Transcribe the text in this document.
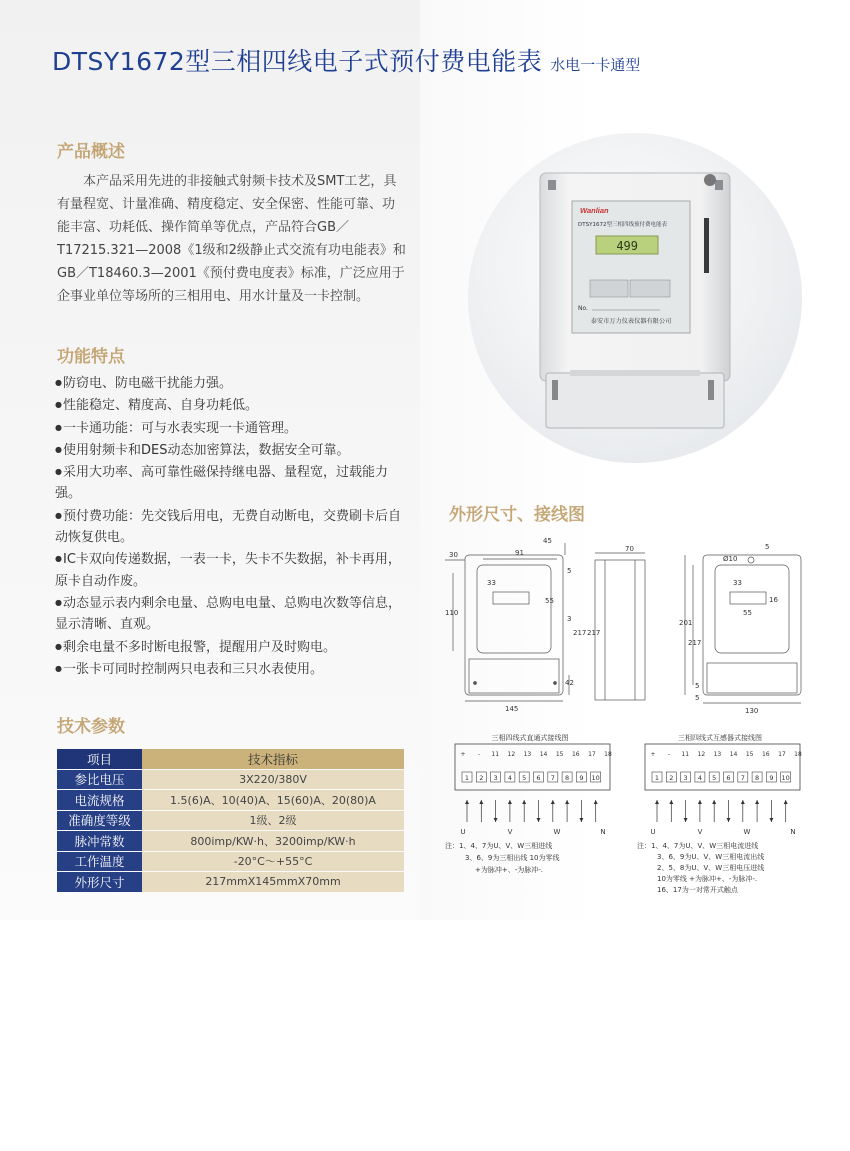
DTSY1672型三相四线电子式预付费电能表 水电一卡通型
产品概述
本产品采用先进的非接触式射频卡技术及SMT工艺，具有量程宽、计量准确、精度稳定、安全保密、性能可靠、功能丰富、功耗低、操作简单等优点，产品符合GB／T17215.321—2008《1级和2级静止式交流有功电能表》和GB／T18460.3—2001《预付费电度表》标准，广泛应用于企事业单位等场所的三相用电、用水计量及一卡控制。
功能特点
● 防窃电、防电磁干扰能力强。
● 性能稳定、精度高、自身功耗低。
● 一卡通功能：可与水表实现一卡通管理。
● 使用射频卡和DES动态加密算法，数据安全可靠。
● 采用大功率、高可靠性磁保持继电器、量程宽，过载能力强。
● 预付费功能：先交钱后用电，无费自动断电，交费刷卡后自动恢复供电。
● IC卡双向传递数据，一表一卡，失卡不失数据，补卡再用，原卡自动作废。
● 动态显示表内剩余电量、总购电电量、总购电次数等信息，显示清晰、直观。
● 剩余电量不多时断电报警，提醒用户及时购电。
● 一张卡可同时控制两只电表和三只水表使用。
技术参数
项目	技术指标
参比电压	3X220/380V
电流规格	1.5(6)A、10(40)A、15(60)A、20(80)A
准确度等级	1级、2级
脉冲常数	800imp/KW·h、3200imp/KW·h
工作温度	-20°C～+55°C
外形尺寸	217mmX145mmX70mm
Wanlian
DTSY1672型三相四线预付费电能表
499
No.
泰安市万力仪表仪器有限公司
外形尺寸、接线图
45
30	91
33
5
110
55
3
217
42
145
70
217
Ø10
5
33
16
55
201
217
5
5
130
三相四线式直通式接线图
+ - 11 12 13 14 15 16 17 18
1 2 3 4 5 6 7 8 9 10
U	V	W	N
注：1、4、7为U、V、W三相进线
3、6、9为三相出线 10为零线
+为脉冲+、-为脉冲-.
三相四线式互感器式接线图
+ - 11 12 13 14 15 16 17 18
1 2 3 4 5 6 7 8 9 10
U	V	W	N
注：1、4、7为U、V、W三相电流进线
3、6、9为U、V、W三相电流出线
2、5、8为U、V、W三相电压进线
10为零线 +为脉冲+、-为脉冲-.
16、17为一对常开式触点
